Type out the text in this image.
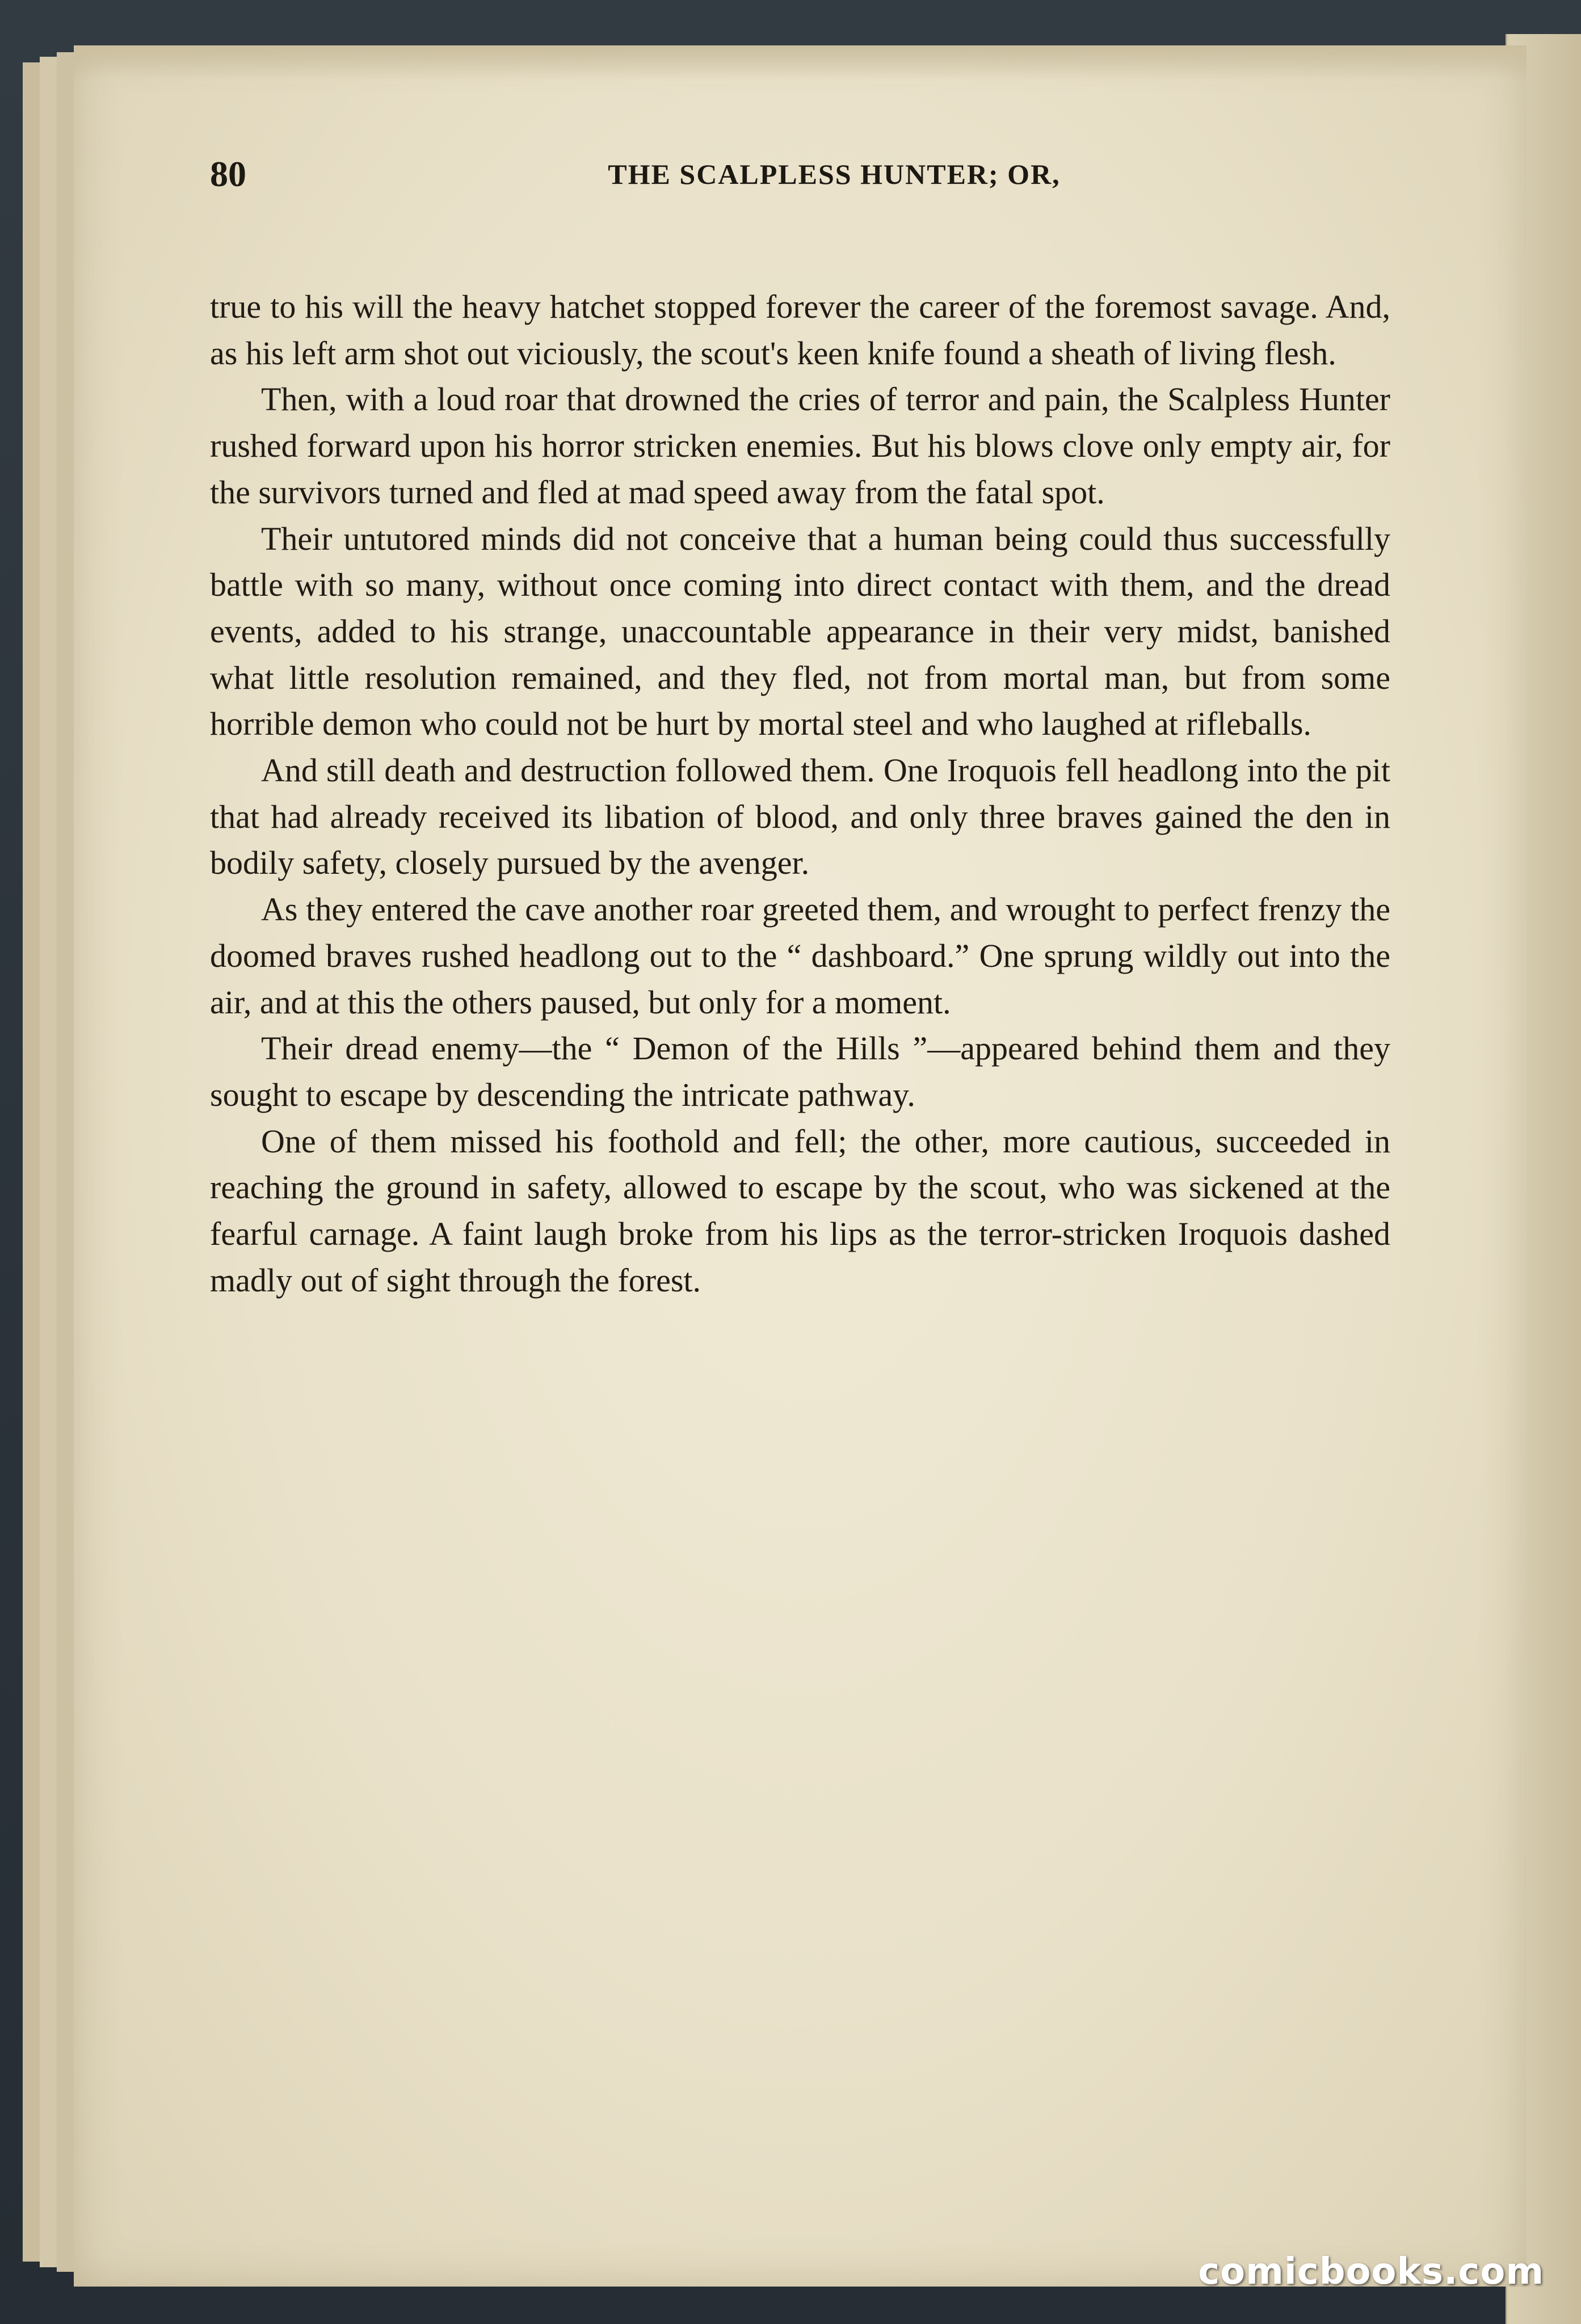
80	THE SCALPLESS HUNTER; OR,

true to his will the heavy hatchet stopped forever the career of the foremost savage. And, as his left arm shot out viciously, the scout's keen knife found a sheath of living flesh.

Then, with a loud roar that drowned the cries of terror and pain, the Scalpless Hunter rushed forward upon his horror stricken enemies. But his blows clove only empty air, for the survivors turned and fled at mad speed away from the fatal spot.

Their untutored minds did not conceive that a human being could thus successfully battle with so many, without once coming into direct contact with them, and the dread events, added to his strange, unaccountable appearance in their very midst, banished what little resolution remained, and they fled, not from mortal man, but from some horrible demon who could not be hurt by mortal steel and who laughed at rifleballs.

And still death and destruction followed them. One Iroquois fell headlong into the pit that had already received its libation of blood, and only three braves gained the den in bodily safety, closely pursued by the avenger.

As they entered the cave another roar greeted them, and wrought to perfect frenzy the doomed braves rushed headlong out to the “ dashboard.” One sprung wildly out into the air, and at this the others paused, but only for a moment.

Their dread enemy—the “ Demon of the Hills ”—appeared behind them and they sought to escape by descending the intricate pathway.

One of them missed his foothold and fell; the other, more cautious, succeeded in reaching the ground in safety, allowed to escape by the scout, who was sickened at the fearful carnage. A faint laugh broke from his lips as the terror-stricken Iroquois dashed madly out of sight through the forest.

comicbooks.com
